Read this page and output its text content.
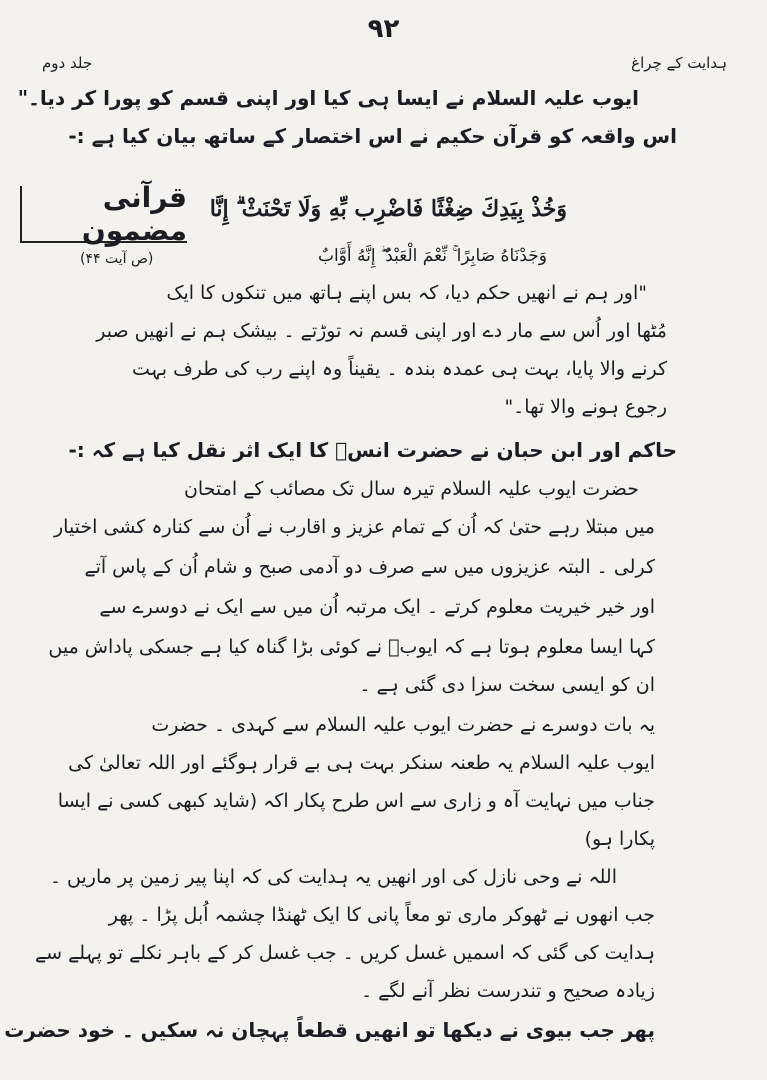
۹۲
ہدایت کے چراغ
جلد دوم
ایوب علیہ السلام نے ایسا ہی کیا اور اپنی قسم کو پورا کر دیا۔"
اس واقعہ کو قرآن حکیم نے اس اختصار کے ساتھ بیان کیا ہے :-
قرآنی مضمون
وَخُذْ بِيَدِكَ ضِغْثًا فَاضْرِب بِّهِ وَلَا تَحْنَثْ ۗ إِنَّا
وَجَدْنَاهُ صَابِرًا ۚ نِّعْمَ الْعَبْدُ ۖ إِنَّهُ أَوَّابٌ
(ص آیت ۴۴)
"اور ہم نے انھیں حکم دیا، کہ بس اپنے ہاتھ میں تنکوں کا ایک
مُٹھا اور اُس سے مار دے اور اپنی قسم نہ توڑتے ۔ بیشک ہم نے انھیں صبر
کرنے والا پایا، بہت ہی عمدہ بندہ ۔ یقیناً وہ اپنے رب کی طرف بہت
رجوع ہونے والا تھا۔"
حاکم اور ابن حبان نے حضرت انسؓ کا ایک اثر نقل کیا ہے کہ :-
حضرت ایوب علیہ السلام تیرہ سال تک مصائب کے امتحان
میں مبتلا رہے حتیٰ کہ اُن کے تمام عزیز و اقارب نے اُن سے کنارہ کشی اختیار
کرلی ۔ البتہ عزیزوں میں سے صرف دو آدمی صبح و شام اُن کے پاس آتے
اور خیر خیریت معلوم کرتے ۔ ایک مرتبہ اُن میں سے ایک نے دوسرے سے
کہا ایسا معلوم ہوتا ہے کہ ایوبؑ نے کوئی بڑا گناہ کیا ہے جسکی پاداش میں
ان کو ایسی سخت سزا دی گئی ہے ۔
یہ بات دوسرے نے حضرت ایوب علیہ السلام سے کہدی ۔ حضرت
ایوب علیہ السلام یہ طعنہ سنکر بہت ہی بے قرار ہوگئے اور اللہ تعالیٰ کی
جناب میں نہایت آہ و زاری سے اس طرح پکار اکہ (شاید کبھی کسی نے ایسا
پکارا ہو)
اللہ نے وحی نازل کی اور انھیں یہ ہدایت کی کہ اپنا پیر زمین پر ماریں ۔
جب انھوں نے ٹھوکر ماری تو معاً پانی کا ایک ٹھنڈا چشمہ اُبل پڑا ۔ پھر
ہدایت کی گئی کہ اسمیں غسل کریں ۔ جب غسل کر کے باہر نکلے تو پہلے سے
زیادہ صحیح و تندرست نظر آنے لگے ۔
پھر جب بیوی نے دیکھا تو انھیں قطعاً پہچان نہ سکیں ۔ خود حضرت
